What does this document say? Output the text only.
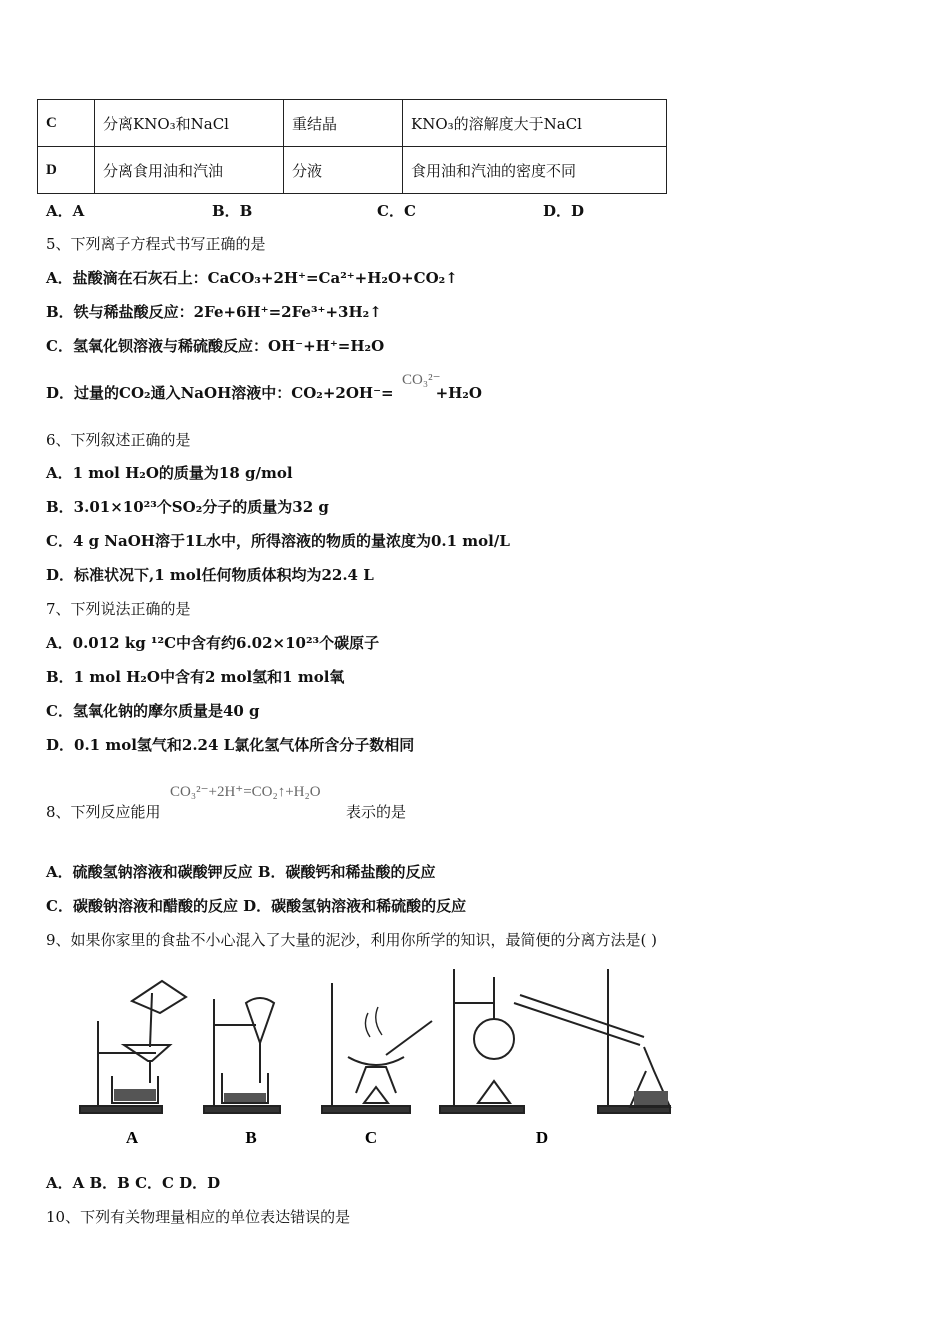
C	分离KNO₃和NaCl	重结晶	KNO₃的溶解度大于NaCl
D	分离食用油和汽油	分液	食用油和汽油的密度不同
A．A	B．B	C．C	D．D
5、下列离子方程式书写正确的是
A．盐酸滴在石灰石上：CaCO₃+2H⁺=Ca²⁺+H₂O+CO₂↑
B．铁与稀盐酸反应：2Fe+6H⁺=2Fe³⁺+3H₂↑
C．氢氧化钡溶液与稀硫酸反应：OH⁻+H⁺=H₂O
D．过量的CO₂通入NaOH溶液中：CO₂+2OH⁻=	+H₂O
CO₃²⁻
6、下列叙述正确的是
A．1 mol H₂O的质量为18 g/mol
B．3.01×10²³个SO₂分子的质量为32 g
C．4 g NaOH溶于1L水中，所得溶液的物质的量浓度为0.1 mol/L
D．标准状况下,1 mol任何物质体积均为22.4 L
7、下列说法正确的是
A．0.012 kg ¹²C中含有约6.02×10²³个碳原子
B．1 mol H₂O中含有2 mol氢和1 mol氧
C．氢氧化钠的摩尔质量是40 g
D．0.1 mol氢气和2.24 L氯化氢气体所含分子数相同
8、下列反应能用
CO₃²⁻+2H⁺=CO₂↑+H₂O
表示的是
A．硫酸氢钠溶液和碳酸钾反应 B．碳酸钙和稀盐酸的反应
C．碳酸钠溶液和醋酸的反应 D．碳酸氢钠溶液和稀硫酸的反应
9、如果你家里的食盐不小心混入了大量的泥沙，利用你所学的知识，最简便的分离方法是( )
A	B	C	D
A．A B．B C．C D．D
10、下列有关物理量相应的单位表达错误的是
